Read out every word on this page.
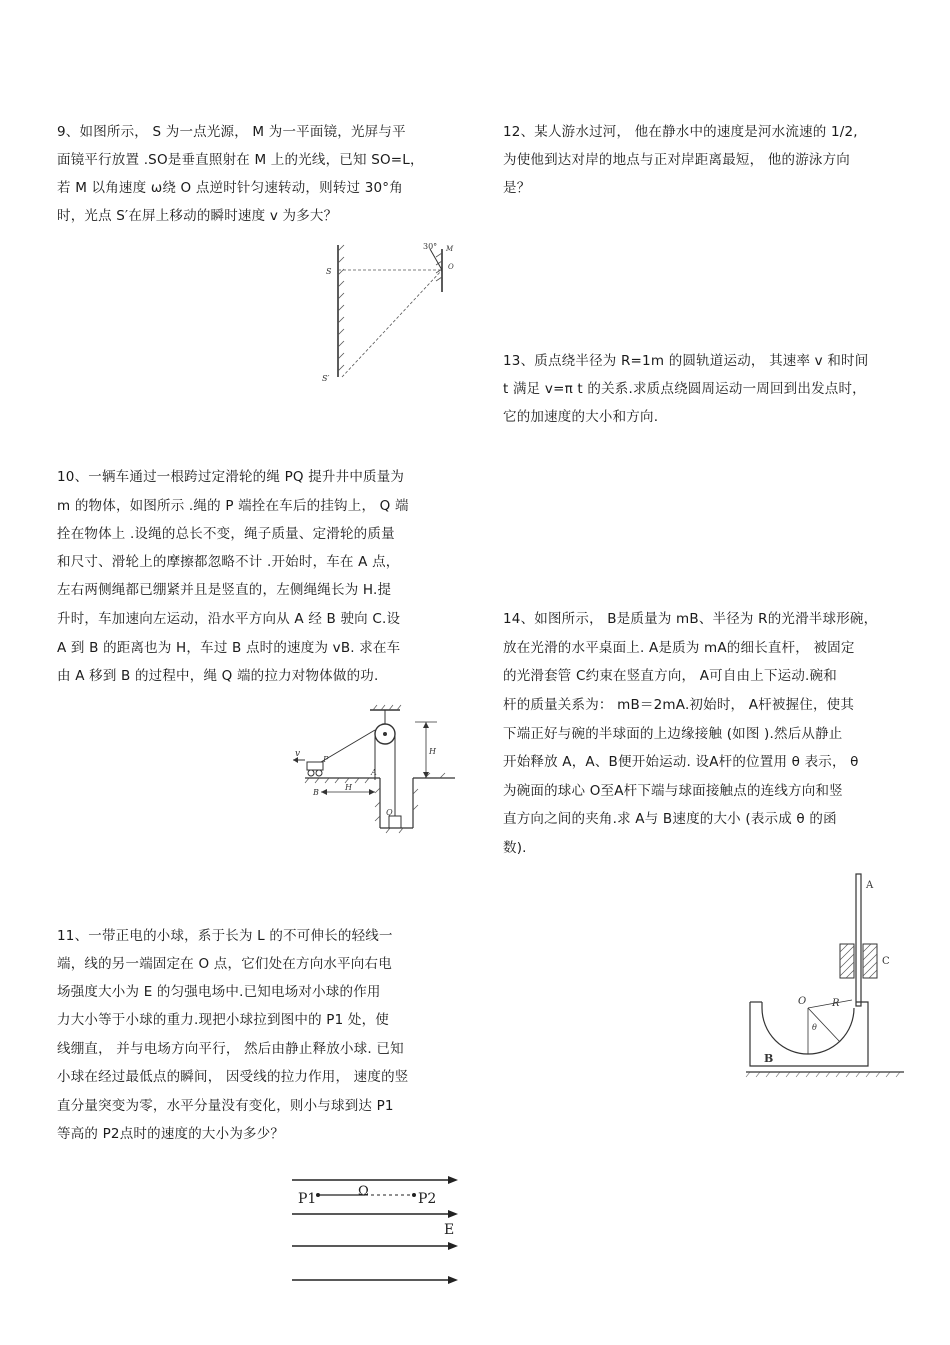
9、如图所示， S 为一点光源， M 为一平面镜，光屏与平
面镜平行放置 .SO是垂直照射在 M 上的光线，已知 SO=L，
若 M 以角速度 ω绕 O 点逆时针匀速转动，则转过 30°角
时，光点 S′在屏上移动的瞬时速度 v 为多大？
30° M
O
S
S′
10、一辆车通过一根跨过定滑轮的绳 PQ 提升井中质量为
m 的物体，如图所示 .绳的 P 端拴在车后的挂钩上， Q 端
拴在物体上 .设绳的总长不变，绳子质量、定滑轮的质量
和尺寸、滑轮上的摩擦都忽略不计 .开始时，车在 A 点，
左右两侧绳都已绷紧并且是竖直的，左侧绳绳长为 H.提
升时，车加速向左运动，沿水平方向从 A 经 B 驶向 C.设
A 到 B 的距离也为 H，车过 B 点时的速度为 vB. 求在车
由 A 移到 B 的过程中，绳 Q 端的拉力对物体做的功.
v
P
A
B
H
H
Q
11、一带正电的小球，系于长为 L 的不可伸长的轻线一
端，线的另一端固定在 O 点，它们处在方向水平向右电
场强度大小为 E 的匀强电场中.已知电场对小球的作用
力大小等于小球的重力.现把小球拉到图中的 P1 处，使
线绷直， 并与电场方向平行， 然后由静止释放小球. 已知
小球在经过最低点的瞬间， 因受线的拉力作用， 速度的竖
直分量突变为零，水平分量没有变化，则小与球到达 P1
等高的 P2点时的速度的大小为多少？
P1	Ω	P2
E
12、某人游水过河， 他在静水中的速度是河水流速的 1/2,
为使他到达对岸的地点与正对岸距离最短， 他的游泳方向
是？
13、质点绕半径为 R=1m 的圆轨道运动， 其速率 v 和时间
t 满足 v=π t 的关系.求质点绕圆周运动一周回到出发点时，
它的加速度的大小和方向.
14、如图所示， B是质量为 mB、半径为 R的光滑半球形碗，
放在光滑的水平桌面上. A是质为 mA的细长直杆， 被固定
的光滑套管 C约束在竖直方向， A可自由上下运动.碗和
杆的质量关系为： mB＝2mA.初始时， A杆被握住，使其
下端正好与碗的半球面的上边缘接触 (如图 ).然后从静止
开始释放 A，A、B便开始运动. 设A杆的位置用 θ 表示， θ
为碗面的球心 O至A杆下端与球面接触点的连线方向和竖
直方向之间的夹角.求 A与 B速度的大小 (表示成 θ 的函
数).
A
C
O	R
θ
B
